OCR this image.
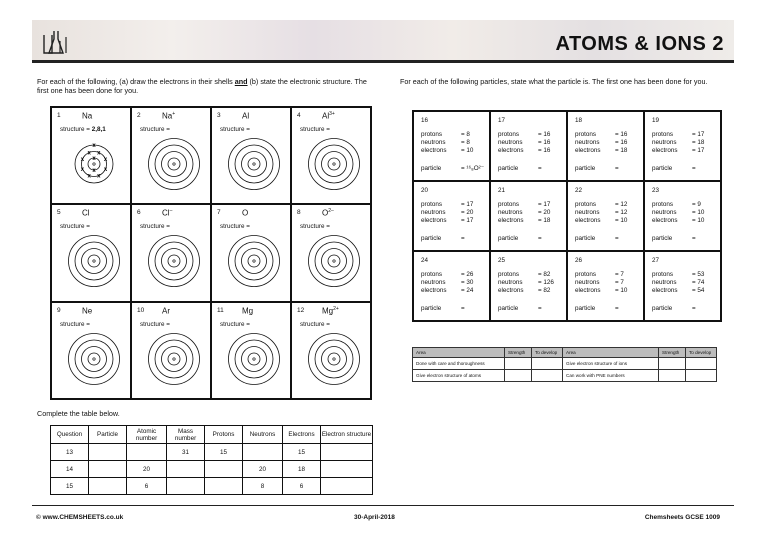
ATOMS & IONS 2
For each of the following, (a) draw the electrons in their shells and (b) state the electronic structure. The first one has been done for you.
For each of the following particles, state what the particle is. The first one has been done for you.
1	Na
structure = 2,8,1
x
x
x
x
x
x
x
x
x
x
x
2	Na+
structure =
3	Al
structure =
4	$Al^{3+}$
structure =
5	Cl
structure =
6	Cl–
structure =
7	O
structure =
8	$O^{2-}$
structure =
9	Ne
structure =
10 Ar
structure =
11 Mg
structure =
12 $Mg^{2+}$
structure =
16
protons	= 8
neutrons = 8
electrons = 10
particle	= ¹⁶₈O²⁻
17
protons	= 16
neutrons = 16
electrons = 16
particle	=
18
protons	= 16
neutrons = 16
electrons = 18
particle	=
19
protons	= 17
neutrons = 18
electrons = 17
particle	=
20
protons	= 17
neutrons = 20
electrons = 17
particle	=
21
protons	= 17
neutrons = 20
electrons = 18
particle	=
22
protons	= 12
neutrons = 12
electrons = 10
particle	=
23
protons	= 9
neutrons = 10
electrons = 10
particle	=
24
protons	= 26
neutrons = 30
electrons = 24
particle	=
25
protons	= 82
neutrons = 126
electrons = 82
particle	=
26
protons	= 7
neutrons = 7
electrons = 10
particle	=
27
protons	= 53
neutrons = 74
electrons = 54
particle	=
Area	Strength	To develop	Area	Strength	To develop
Done with care and thoroughness			Give electron structure of ions		
Give electron structure of atoms			Can work with PNE numbers		
Complete the table below.
Question	Particle	Atomic number	Mass number	Protons	Neutrons	Electrons	Electron structure
13			31	15		15	
14		20			20	18	
15		6			8	6	
© www.CHEMSHEETS.co.uk	30-April-2018	Chemsheets GCSE 1009
